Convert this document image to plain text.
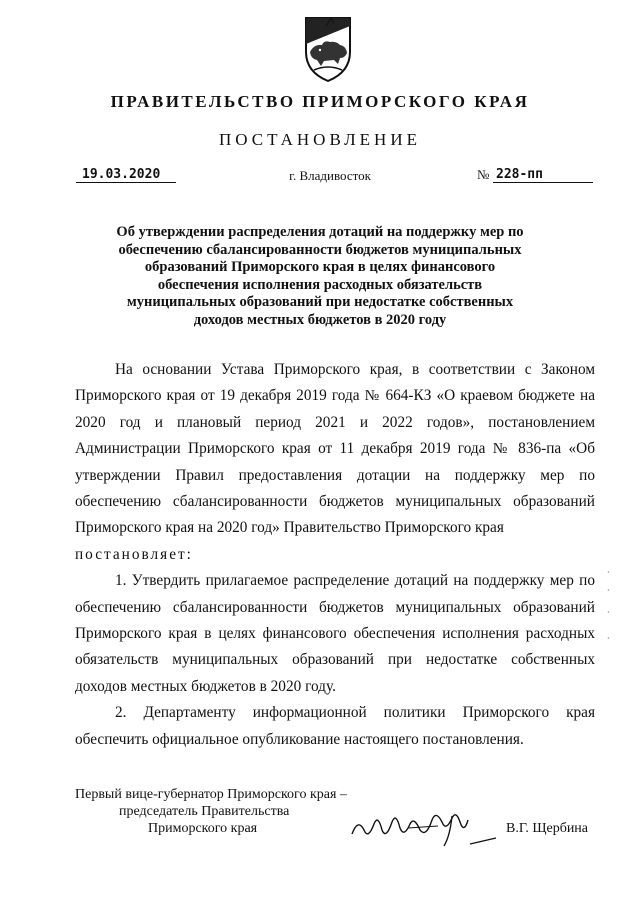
ПРАВИТЕЛЬСТВО ПРИМОРСКОГО КРАЯ
ПОСТАНОВЛЕНИЕ
19.03.2020	г. Владивосток	№ 228-пп
Об утверждении распределения дотаций на поддержку мер по обеспечению сбалансированности бюджетов муниципальных образований Приморского края в целях финансового обеспечения исполнения расходных обязательств муниципальных образований при недостатке собственных доходов местных бюджетов в 2020 году

На основании Устава Приморского края, в соответствии с Законом Приморского края от 19 декабря 2019 года № 664-КЗ «О краевом бюджете на 2020 год и плановый период 2021 и 2022 годов», постановлением Администрации Приморского края от 11 декабря 2019 года № 836-па «Об утверждении Правил предоставления дотации на поддержку мер по обеспечению сбалансированности бюджетов муниципальных образований Приморского края на 2020 год» Правительство Приморского края

постановляет:

1. Утвердить прилагаемое распределение дотаций на поддержку мер по обеспечению сбалансированности бюджетов муниципальных образований Приморского края в целях финансового обеспечения исполнения расходных обязательств муниципальных образований при недостатке собственных доходов местных бюджетов в 2020 году.

2. Департаменту информационной политики Приморского края обеспечить официальное опубликование настоящего постановления.

Первый вице-губернатор Приморского края –
председатель Правительства
Приморского края	В.Г. Щербина
